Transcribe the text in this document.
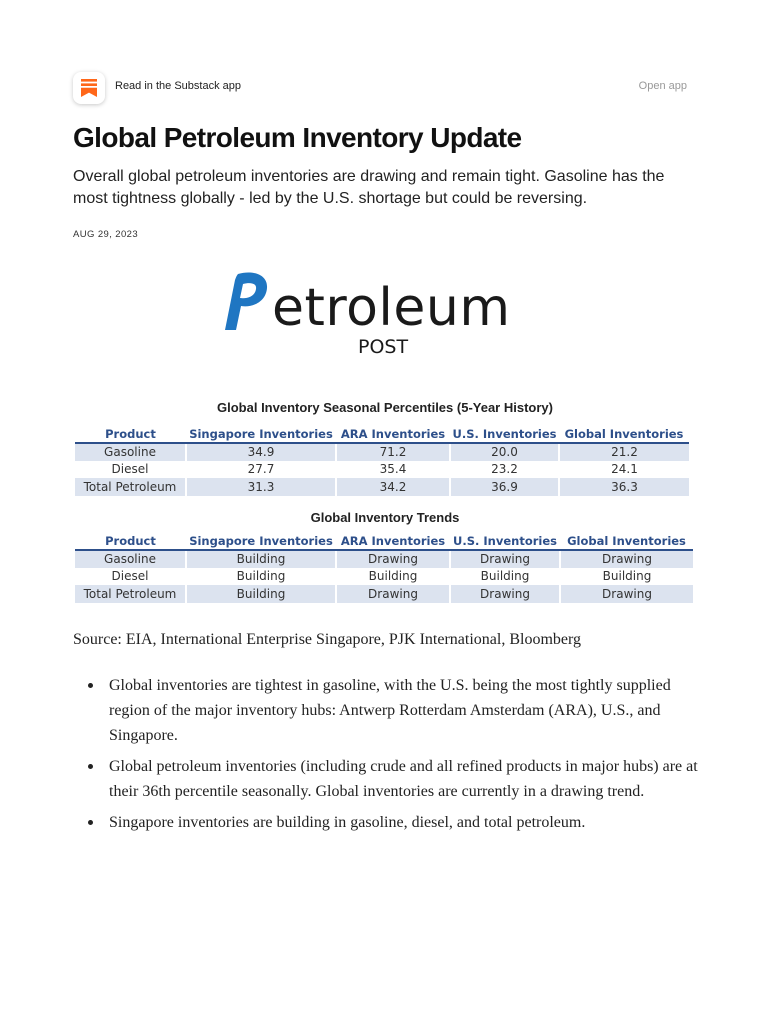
Read in the Substack app	Open app
Global Petroleum Inventory Update

Overall global petroleum inventories are drawing and remain tight. Gasoline has the most tightness globally - led by the U.S. shortage but could be reversing.

AUG 29, 2023
etroleum
POST
Global Inventory Seasonal Percentiles (5-Year History)
Product	Singapore Inventories	ARA Inventories	U.S. Inventories	Global Inventories
Gasoline	34.9	71.2	20.0	21.2
Diesel	27.7	35.4	23.2	24.1
Total Petroleum	31.3	34.2	36.9	36.3
Global Inventory Trends
Product	Singapore Inventories	ARA Inventories	U.S. Inventories	Global Inventories
Gasoline	Building	Drawing	Drawing	Drawing
Diesel	Building	Building	Building	Building
Total Petroleum	Building	Drawing	Drawing	Drawing

Source: EIA, International Enterprise Singapore, PJK International, Bloomberg

Global inventories are tightest in gasoline, with the U.S. being the most tightly supplied region of the major inventory hubs: Antwerp Rotterdam Amsterdam (ARA), U.S., and Singapore.
Global petroleum inventories (including crude and all refined products in major hubs) are at their 36th percentile seasonally. Global inventories are currently in a drawing trend.
Singapore inventories are building in gasoline, diesel, and total petroleum.
